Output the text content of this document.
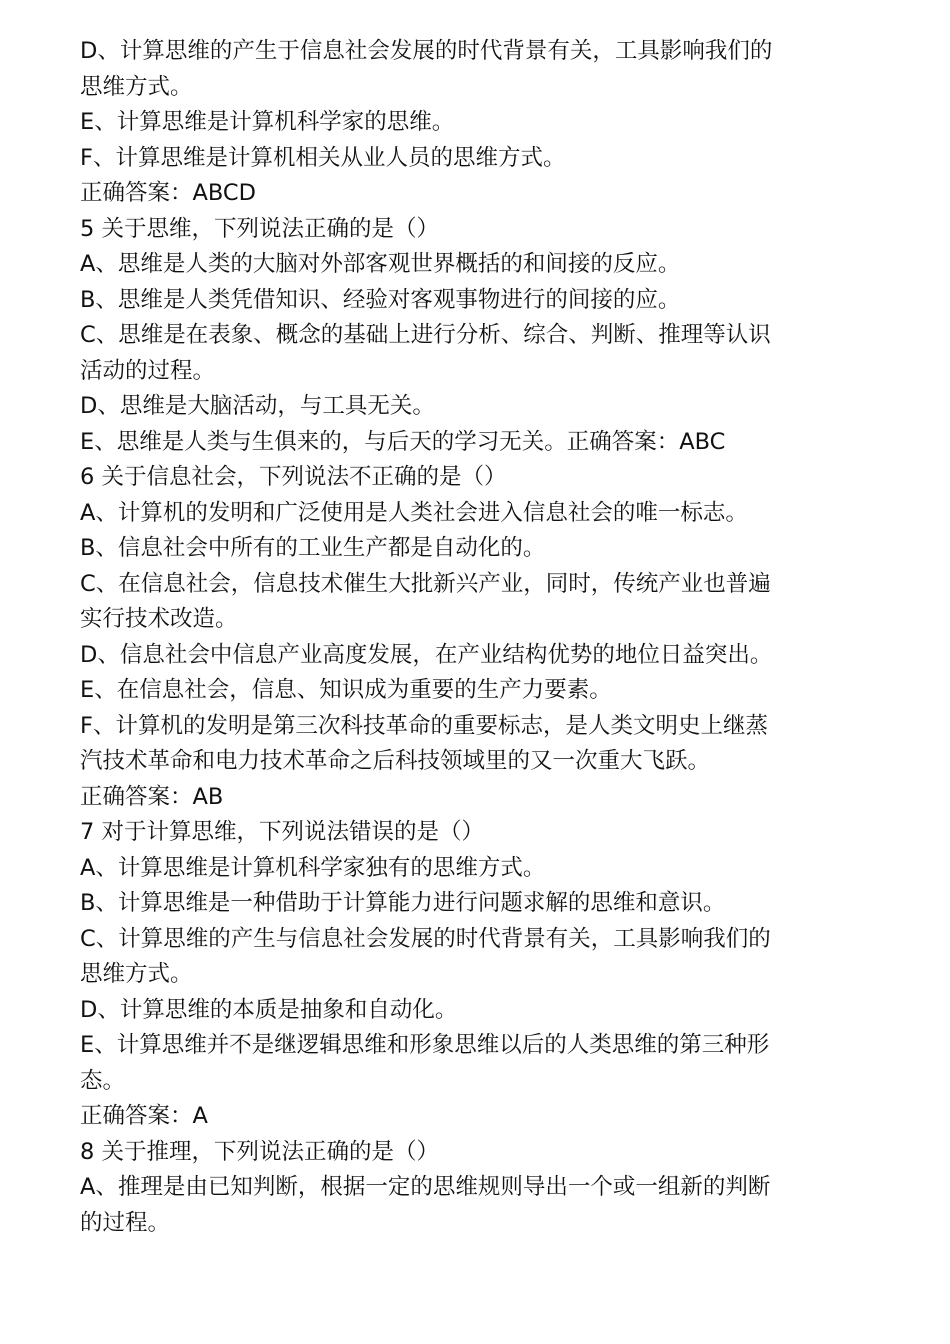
D、计算思维的产生于信息社会发展的时代背景有关，工具影响我们的
思维方式。
E、计算思维是计算机科学家的思维。
F、计算思维是计算机相关从业人员的思维方式。
正确答案：ABCD
5 关于思维，下列说法正确的是（）
A、思维是人类的大脑对外部客观世界概括的和间接的反应。
B、思维是人类凭借知识、经验对客观事物进行的间接的应。
C、思维是在表象、概念的基础上进行分析、综合、判断、推理等认识
活动的过程。
D、思维是大脑活动，与工具无关。
E、思维是人类与生俱来的，与后天的学习无关。正确答案：ABC
6 关于信息社会，下列说法不正确的是（）
A、计算机的发明和广泛使用是人类社会进入信息社会的唯一标志。
B、信息社会中所有的工业生产都是自动化的。
C、在信息社会，信息技术催生大批新兴产业，同时，传统产业也普遍
实行技术改造。
D、信息社会中信息产业高度发展，在产业结构优势的地位日益突出。
E、在信息社会，信息、知识成为重要的生产力要素。
F、计算机的发明是第三次科技革命的重要标志，是人类文明史上继蒸
汽技术革命和电力技术革命之后科技领域里的又一次重大飞跃。
正确答案：AB
7 对于计算思维，下列说法错误的是（）
A、计算思维是计算机科学家独有的思维方式。
B、计算思维是一种借助于计算能力进行问题求解的思维和意识。
C、计算思维的产生与信息社会发展的时代背景有关，工具影响我们的
思维方式。
D、计算思维的本质是抽象和自动化。
E、计算思维并不是继逻辑思维和形象思维以后的人类思维的第三种形
态。
正确答案：A
8 关于推理，下列说法正确的是（）
A、推理是由已知判断，根据一定的思维规则导出一个或一组新的判断
的过程。
